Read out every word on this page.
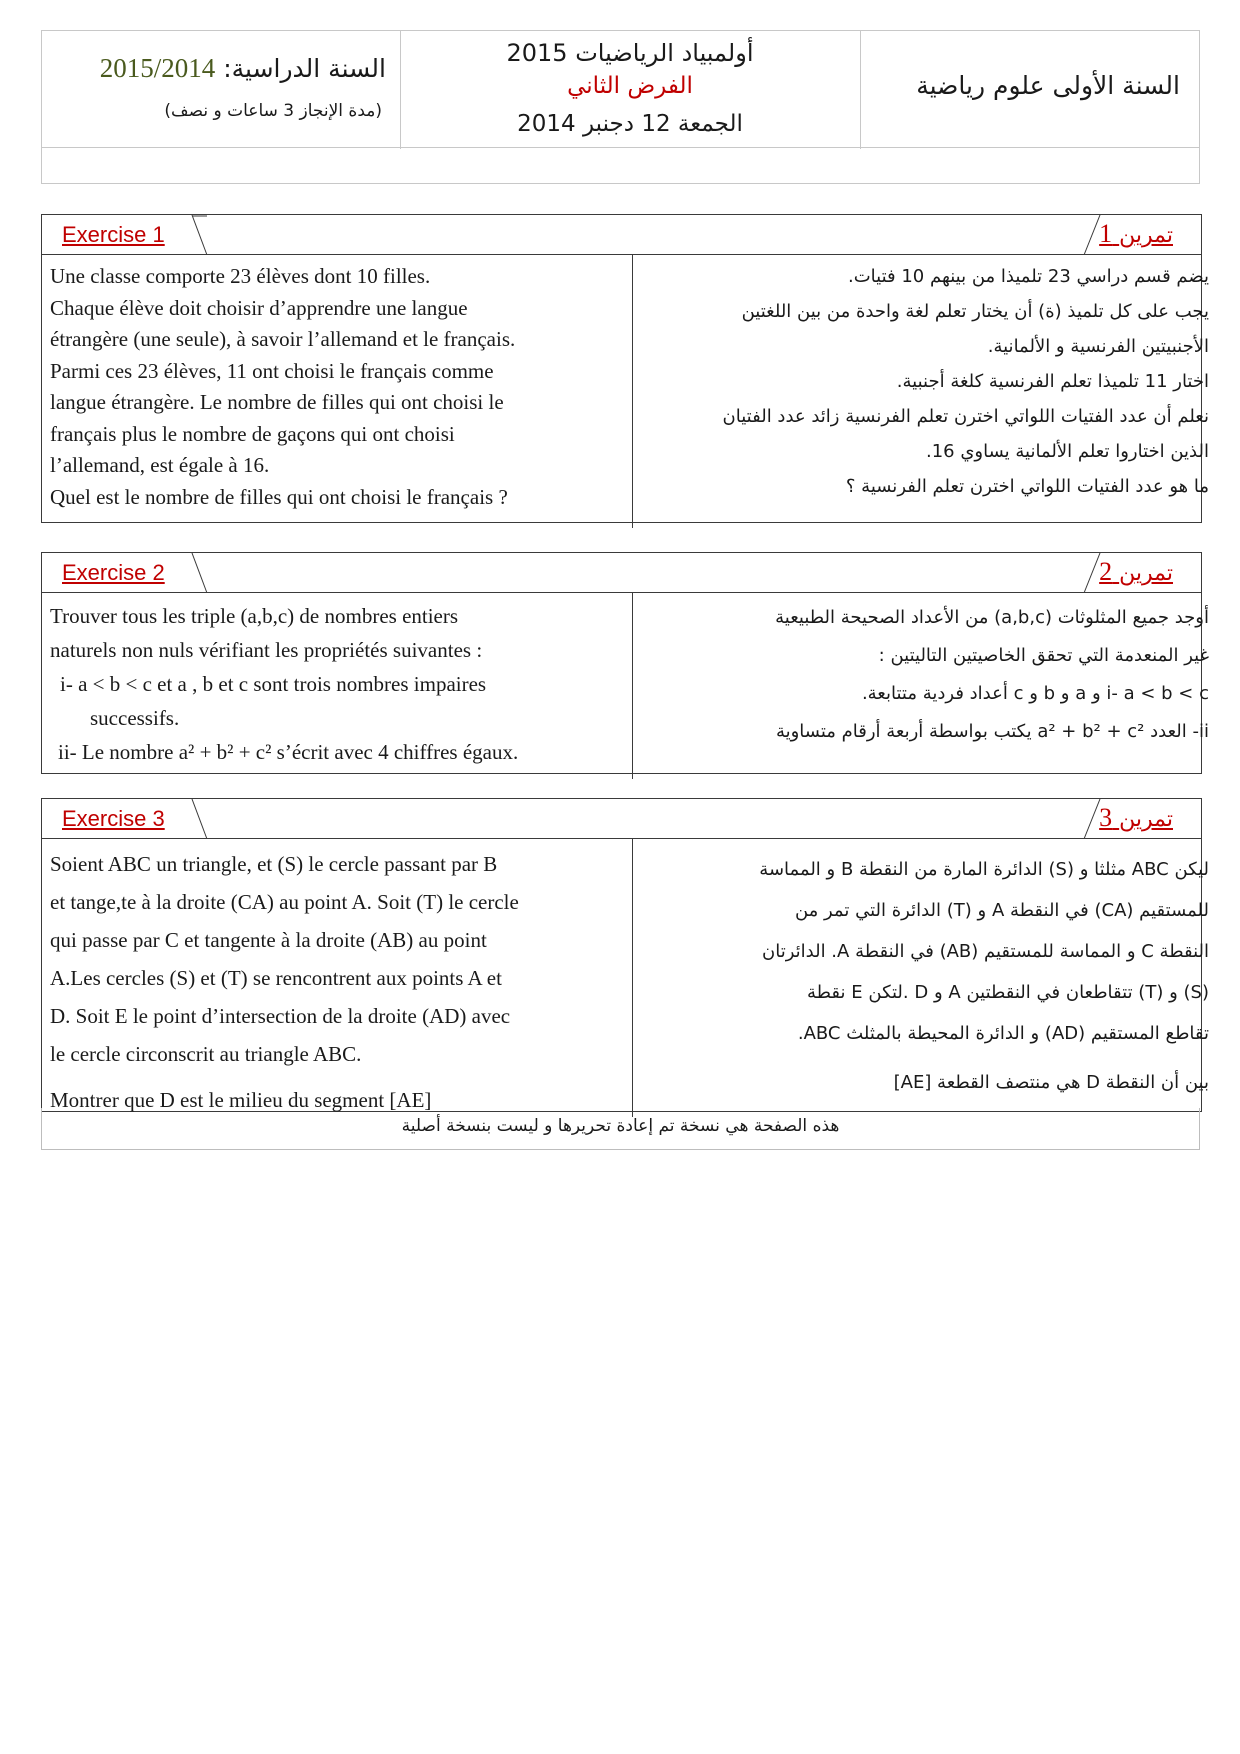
السنة الدراسية: 2015/2014
(مدة الإنجاز 3 ساعات و نصف)
أولمبياد الرياضيات 2015
الفرض الثاني
الجمعة 12 دجنبر 2014
السنة الأولى علوم رياضية
Exercise 1	تمرين 1

Une classe comporte 23 élèves dont 10 filles.

Chaque élève doit choisir d’apprendre une langue

étrangère (une seule), à savoir l’allemand et le français.

Parmi ces 23 élèves, 11 ont choisi le français comme

langue étrangère. Le nombre de filles qui ont choisi le

français plus le nombre de gaçons qui ont choisi

l’allemand, est égale à 16.

Quel est le nombre de filles qui ont choisi le français ?

يضم قسم دراسي 23 تلميذا من بينهم 10 فتيات.

يجب على كل تلميذ (ة) أن يختار تعلم لغة واحدة من بين اللغتين

الأجنبيتين الفرنسية و الألمانية.

اختار 11 تلميذا تعلم الفرنسية كلغة أجنبية.

نعلم أن عدد الفتيات اللواتي اخترن تعلم الفرنسية زائد عدد الفتيان

الذين اختاروا تعلم الألمانية يساوي 16.

ما هو عدد الفتيات اللواتي اخترن تعلم الفرنسية ؟

Exercise 2	تمرين 2

Trouver tous les triple (a,b,c) de nombres entiers

naturels non nuls vérifiant les propriétés suivantes :

i- a < b < c et a , b et c sont trois nombres impaires

successifs.

ii- Le nombre a² + b² + c² s’écrit avec 4 chiffres égaux.

أوجد جميع المثلوثات (a,b,c) من الأعداد الصحيحة الطبيعية

غير المنعدمة التي تحقق الخاصيتين التاليتين :

i- a < b < c و a و b و c أعداد فردية متتابعة.

ii- العدد a² + b² + c² يكتب بواسطة أربعة أرقام متساوية

Exercise 3	تمرين 3

Soient ABC un triangle, et (S) le cercle passant par B

et tange,te à la droite (CA) au point A. Soit (T) le cercle

qui passe par C et tangente à la droite (AB) au point

A.Les cercles (S) et (T) se rencontrent aux points A et

D. Soit E le point d’intersection de la droite (AD) avec

le cercle circonscrit au triangle ABC.

Montrer que D est le milieu du segment [AE]

ليكن ABC مثلثا و (S) الدائرة المارة من النقطة B و المماسة

للمستقيم (CA) في النقطة A و (T) الدائرة التي تمر من

النقطة C و المماسة للمستقيم (AB) في النقطة A. الدائرتان

(S) و (T) تتقاطعان في النقطتين A و D .لتكن E نقطة

تقاطع المستقيم (AD) و الدائرة المحيطة بالمثلث ABC.

بين أن النقطة D هي منتصف القطعة [AE]

هذه الصفحة هي نسخة تم إعادة تحريرها و ليست بنسخة أصلية
